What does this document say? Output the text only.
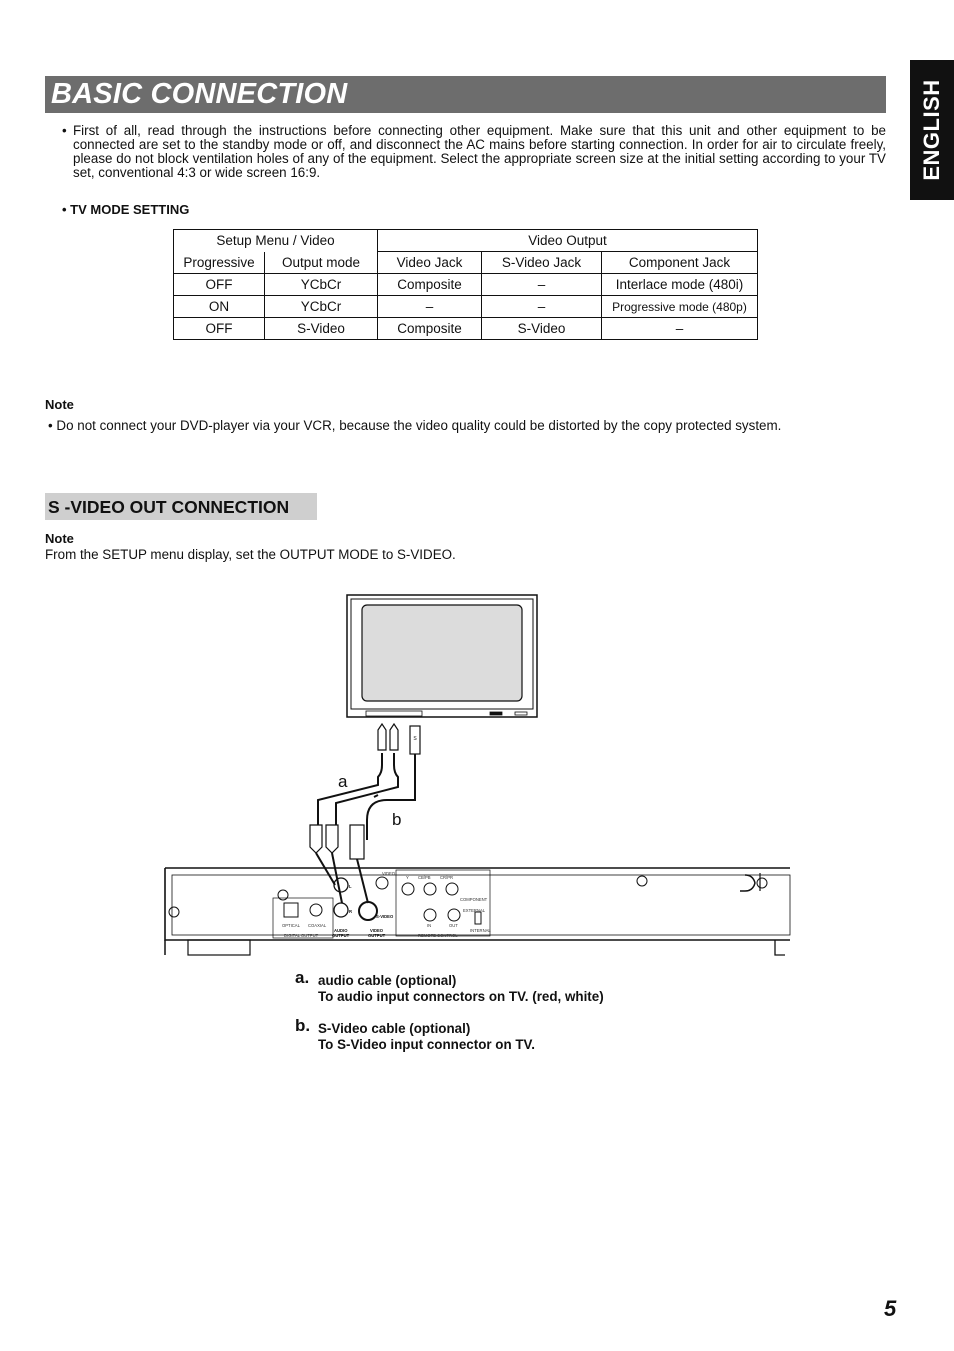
BASIC CONNECTION	ENGLISH
• First of all, read through the instructions before connecting other equipment. Make sure that this unit and other equipment to be connected are set to the standby mode or off, and disconnect the AC mains before starting connection. In order for air to circulate freely, please do not block ventilation holes of any of the equipment. Select the appropriate screen size at the initial setting according to your TV set, conventional 4:3 or wide screen 16:9.

• TV MODE SETTING
Setup Menu / Video		Video Output		
Progressive	Output mode	Video Jack	S-Video Jack	Component Jack
OFF	YCbCr	Composite	–	Interlace mode (480i)
ON	YCbCr	–	–	Progressive mode (480p)
OFF	S-Video	Composite	S-Video	–
Note
• Do not connect your DVD-player via your VCR, because the video quality could be distorted by the copy protected system.
S -VIDEO OUT CONNECTION
Note
From the SETUP menu display, set the OUTPUT MODE to S-VIDEO.
S
a
b
OPTICAL COAXIAL
DIGITAL OUTPUT
AUDIO
OUTPUT
VIDEO
OUTPUT	REMOTE CONTROL
COMPONENT
S-VIDEO
VIDEO
IN	OUT
Y CB/PB CR/PR
EXTERNAL
INTERNAL
L
R
a. audio cable (optional)
To audio input connectors on TV. (red, white)
b. S-Video cable (optional)
To S-Video input connector on TV.
5
